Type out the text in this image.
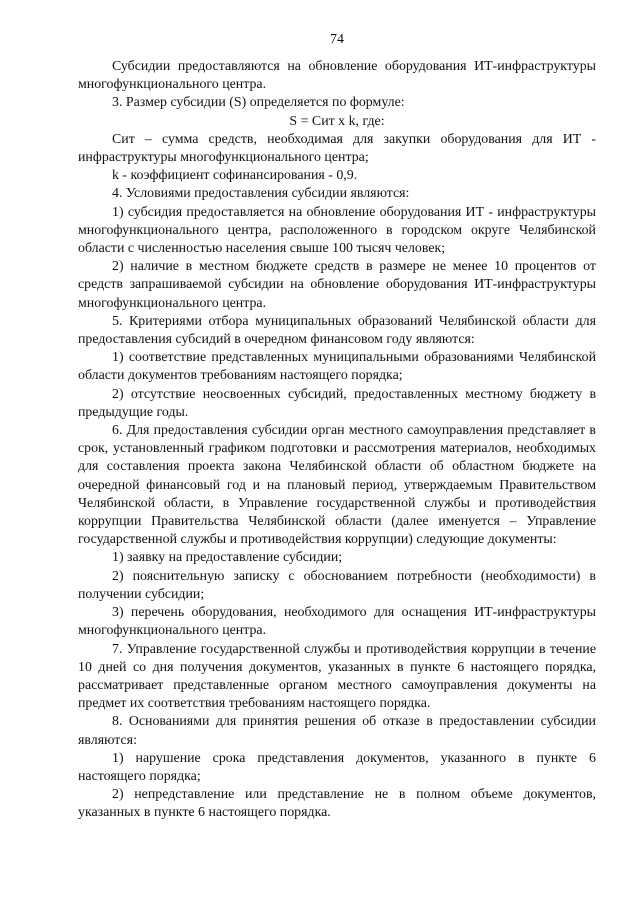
74

Субсидии предоставляются на обновление оборудования ИТ-инфраструктуры многофункционального центра.

3. Размер субсидии (S) определяется по формуле:

S = Сит x k, где:

Сит – сумма средств, необходимая для закупки оборудования для ИТ - инфраструктуры многофункционального центра;

k - коэффициент софинансирования - 0,9.

4. Условиями предоставления субсидии являются:

1) субсидия предоставляется на обновление оборудования ИТ - инфраструктуры многофункционального центра, расположенного в городском округе Челябинской области с численностью населения свыше 100 тысяч человек;

2) наличие в местном бюджете средств в размере не менее 10 процентов от средств запрашиваемой субсидии на обновление оборудования ИТ-инфраструктуры многофункционального центра.

5. Критериями отбора муниципальных образований Челябинской области для предоставления субсидий в очередном финансовом году являются:

1) соответствие представленных муниципальными образованиями Челябинской области документов требованиям настоящего порядка;

2) отсутствие неосвоенных субсидий, предоставленных местному бюджету в предыдущие годы.

6. Для предоставления субсидии орган местного самоуправления представляет в срок, установленный графиком подготовки и рассмотрения материалов, необходимых для составления проекта закона Челябинской области об областном бюджете на очередной финансовый год и на плановый период, утверждаемым Правительством Челябинской области, в Управление государственной службы и противодействия коррупции Правительства Челябинской области (далее именуется – Управление государственной службы и противодействия коррупции) следующие документы:

1) заявку на предоставление субсидии;

2) пояснительную записку с обоснованием потребности (необходимости) в получении субсидии;

3) перечень оборудования, необходимого для оснащения ИТ-инфраструктуры многофункционального центра.

7. Управление государственной службы и противодействия коррупции в течение 10 дней со дня получения документов, указанных в пункте 6 настоящего порядка, рассматривает представленные органом местного самоуправления документы на предмет их соответствия требованиям настоящего порядка.

8. Основаниями для принятия решения об отказе в предоставлении субсидии являются:

1) нарушение срока представления документов, указанного в пункте 6 настоящего порядка;

2) непредставление или представление не в полном объеме документов, указанных в пункте 6 настоящего порядка.
